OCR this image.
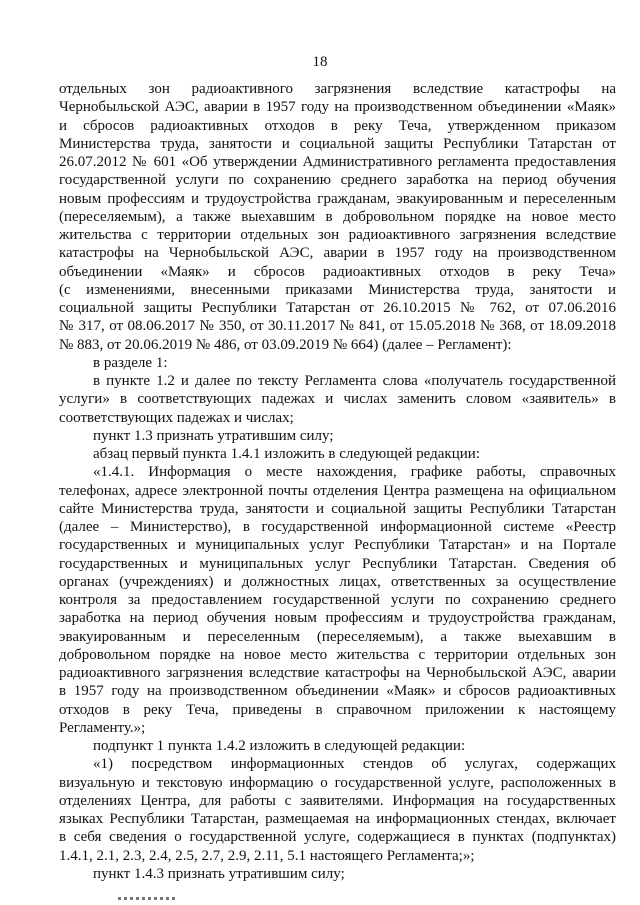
18
отдельных зон радиоактивного загрязнения вследствие катастрофы на
Чернобыльской АЭС, аварии в 1957 году на производственном объединении «Маяк»
и сбросов радиоактивных отходов в реку Теча, утвержденном приказом
Министерства труда, занятости и социальной защиты Республики Татарстан от
26.07.2012 № 601 «Об утверждении Административного регламента предоставления
государственной услуги по сохранению среднего заработка на период обучения
новым профессиям и трудоустройства гражданам, эвакуированным и переселенным
(переселяемым), а также выехавшим в добровольном порядке на новое место
жительства с территории отдельных зон радиоактивного загрязнения вследствие
катастрофы на Чернобыльской АЭС, аварии в 1957 году на производственном
объединении «Маяк» и сбросов радиоактивных отходов в реку Теча»
(с изменениями, внесенными приказами Министерства труда, занятости и
социальной защиты Республики Татарстан от 26.10.2015 № 762, от 07.06.2016
№ 317, от 08.06.2017 № 350, от 30.11.2017 № 841, от 15.05.2018 № 368, от 18.09.2018
№ 883, от 20.06.2019 № 486, от 03.09.2019 № 664) (далее – Регламент):
в разделе 1:
в пункте 1.2 и далее по тексту Регламента слова «получатель государственной
услуги» в соответствующих падежах и числах заменить словом «заявитель» в
соответствующих падежах и числах;
пункт 1.3 признать утратившим силу;
абзац первый пункта 1.4.1 изложить в следующей редакции:
«1.4.1. Информация о месте нахождения, графике работы, справочных
телефонах, адресе электронной почты отделения Центра размещена на официальном
сайте Министерства труда, занятости и социальной защиты Республики Татарстан
(далее – Министерство), в государственной информационной системе «Реестр
государственных и муниципальных услуг Республики Татарстан» и на Портале
государственных и муниципальных услуг Республики Татарстан. Сведения об
органах (учреждениях) и должностных лицах, ответственных за осуществление
контроля за предоставлением государственной услуги по сохранению среднего
заработка на период обучения новым профессиям и трудоустройства гражданам,
эвакуированным и переселенным (переселяемым), а также выехавшим в
добровольном порядке на новое место жительства с территории отдельных зон
радиоактивного загрязнения вследствие катастрофы на Чернобыльской АЭС, аварии
в 1957 году на производственном объединении «Маяк» и сбросов радиоактивных
отходов в реку Теча, приведены в справочном приложении к настоящему
Регламенту.»;
подпункт 1 пункта 1.4.2 изложить в следующей редакции:
«1) посредством информационных стендов об услугах, содержащих
визуальную и текстовую информацию о государственной услуге, расположенных в
отделениях Центра, для работы с заявителями. Информация на государственных
языках Республики Татарстан, размещаемая на информационных стендах, включает
в себя сведения о государственной услуге, содержащиеся в пунктах (подпунктах)
1.4.1, 2.1, 2.3, 2.4, 2.5, 2.7, 2.9, 2.11, 5.1 настоящего Регламента;»;
пункт 1.4.3 признать утратившим силу;
